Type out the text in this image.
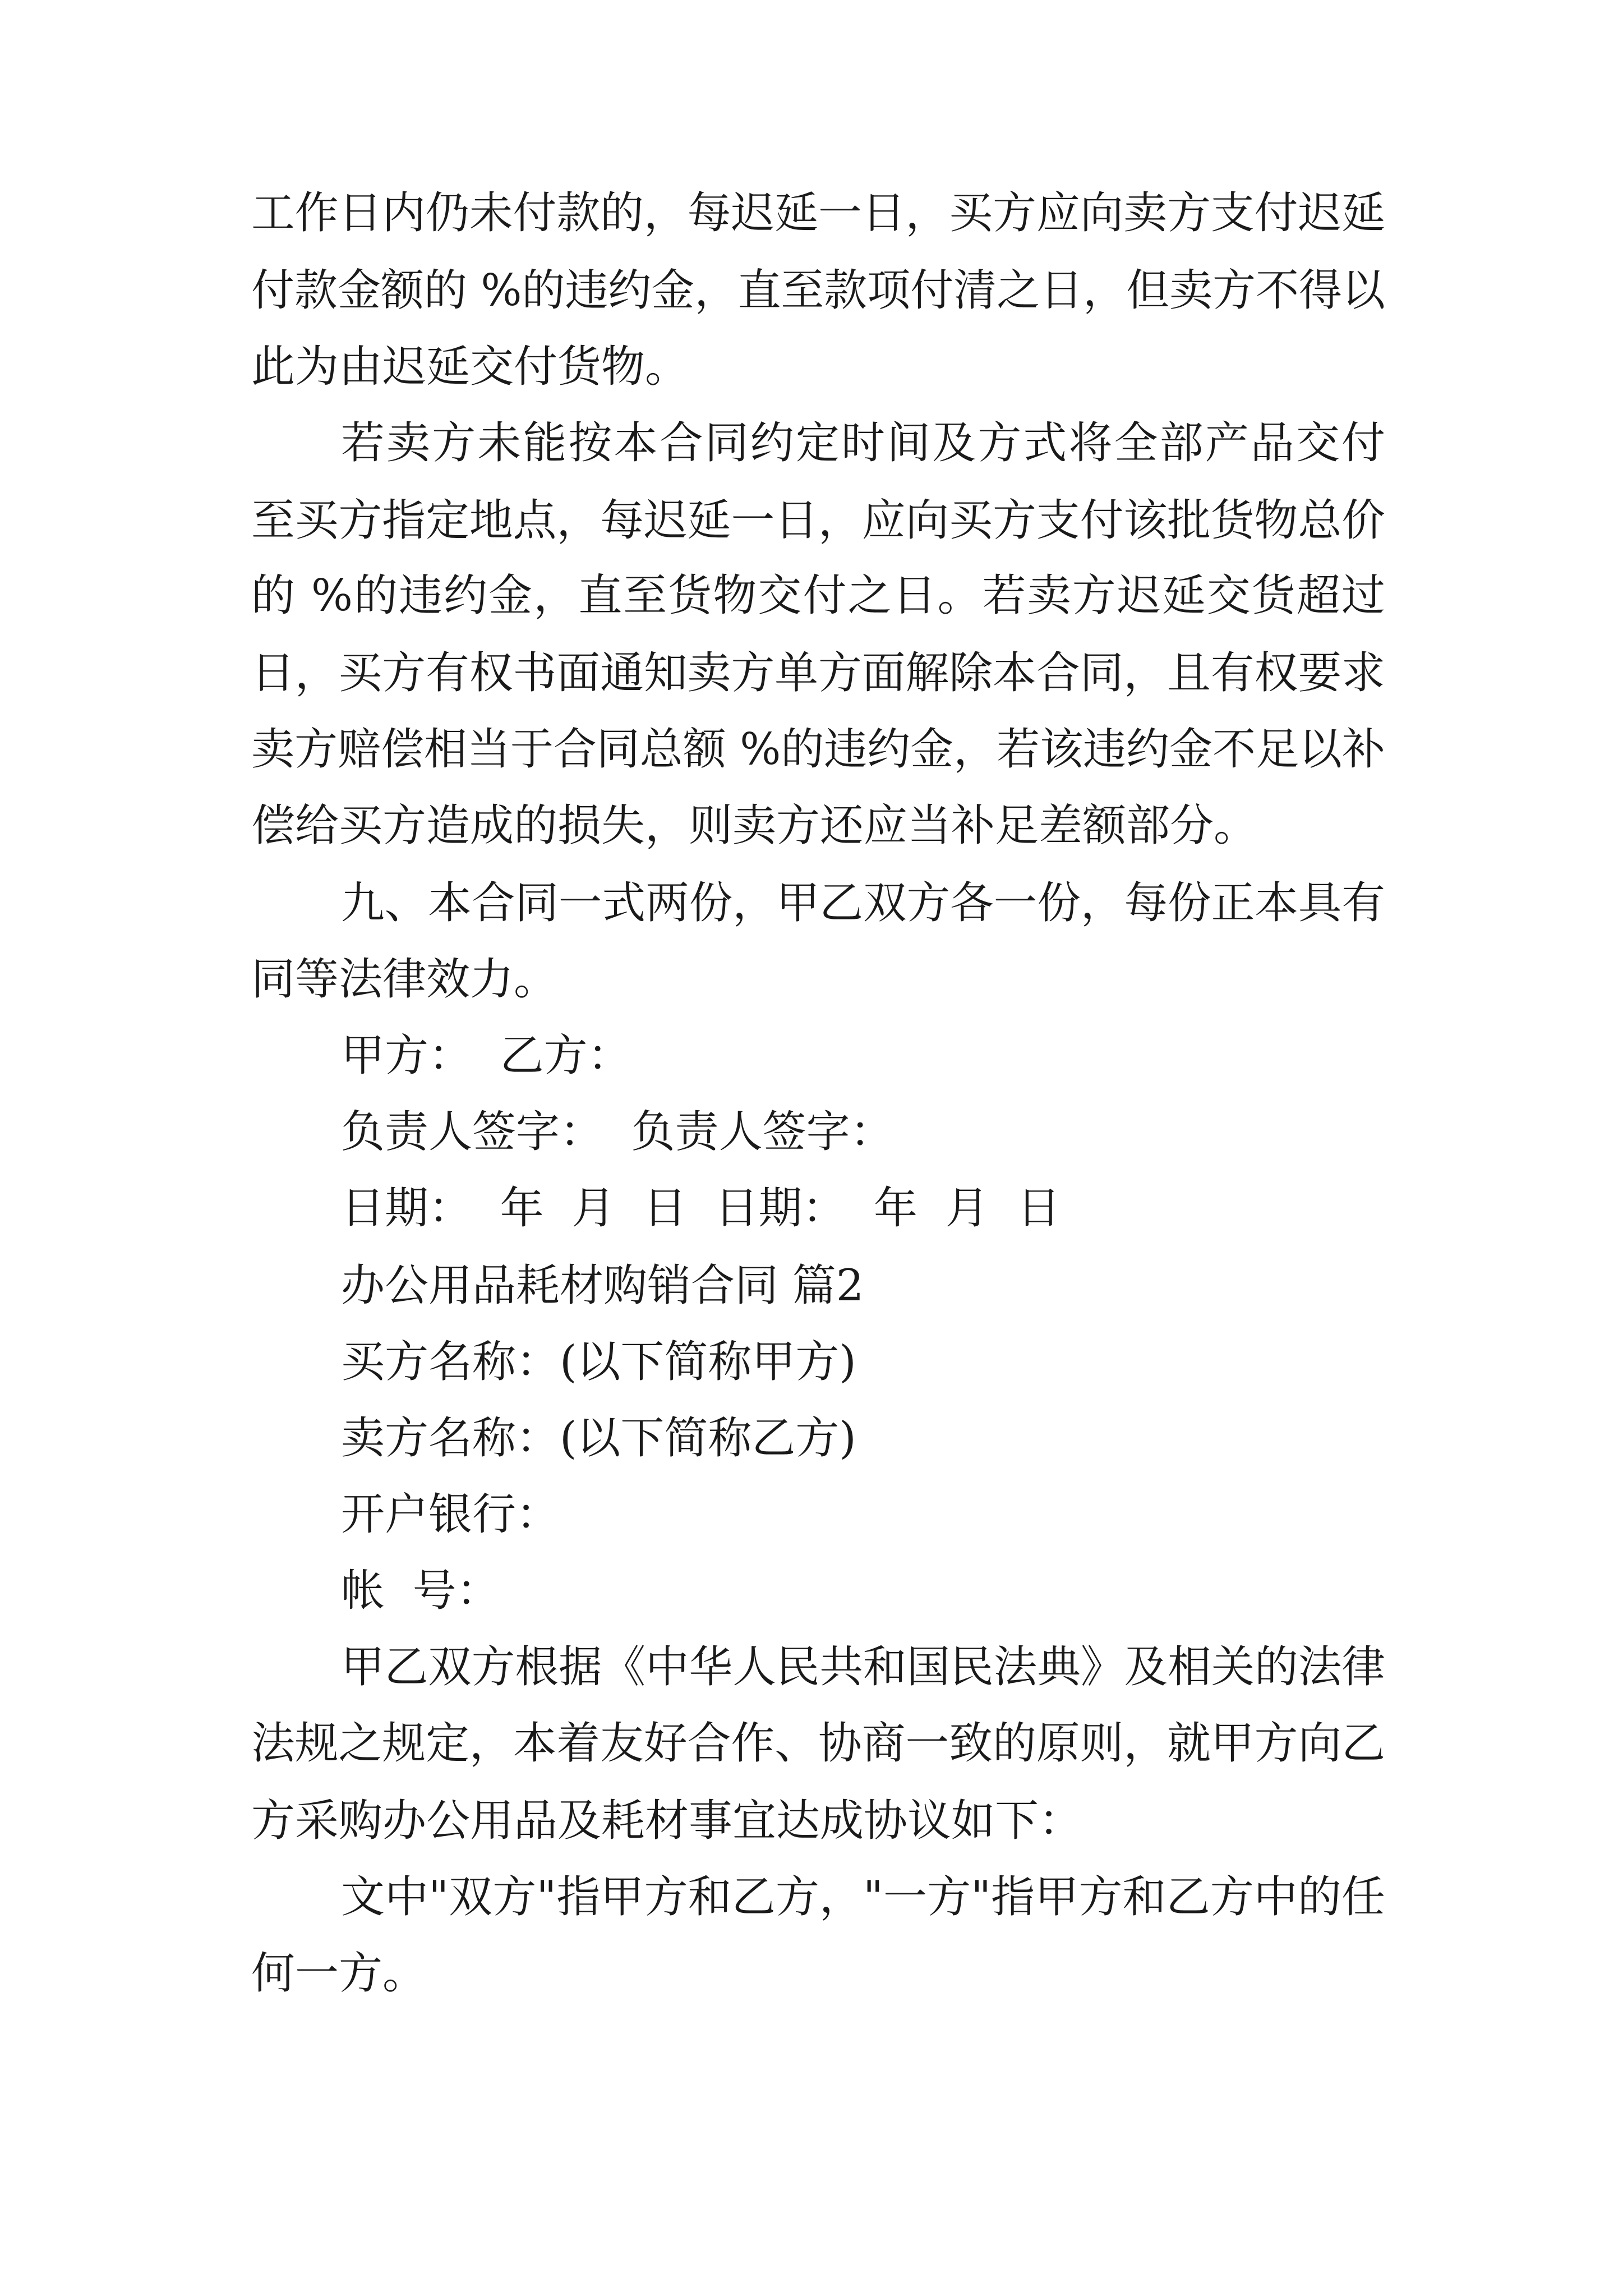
工作日内仍未付款的，每迟延一日，买方应向卖方支付迟延
付款金额的 %的违约金，直至款项付清之日，但卖方不得以
此为由迟延交付货物。
若卖方未能按本合同约定时间及方式将全部产品交付
至买方指定地点，每迟延一日，应向买方支付该批货物总价
的 %的违约金，直至货物交付之日。若卖方迟延交货超过
日，买方有权书面通知卖方单方面解除本合同，且有权要求
卖方赔偿相当于合同总额 %的违约金，若该违约金不足以补
偿给买方造成的损失，则卖方还应当补足差额部分。
九、本合同一式两份，甲乙双方各一份，每份正本具有
同等法律效力。
甲方：  乙方：
负责人签字：  负责人签字：
日期：  年  月  日  日期：  年  月  日
办公用品耗材购销合同 篇2
买方名称：(以下简称甲方)
卖方名称：(以下简称乙方)
开户银行：
帐  号：
甲乙双方根据《中华人民共和国民法典》及相关的法律
法规之规定，本着友好合作、协商一致的原则，就甲方向乙
方采购办公用品及耗材事宜达成协议如下：
文中"双方"指甲方和乙方，"一方"指甲方和乙方中的任
何一方。
